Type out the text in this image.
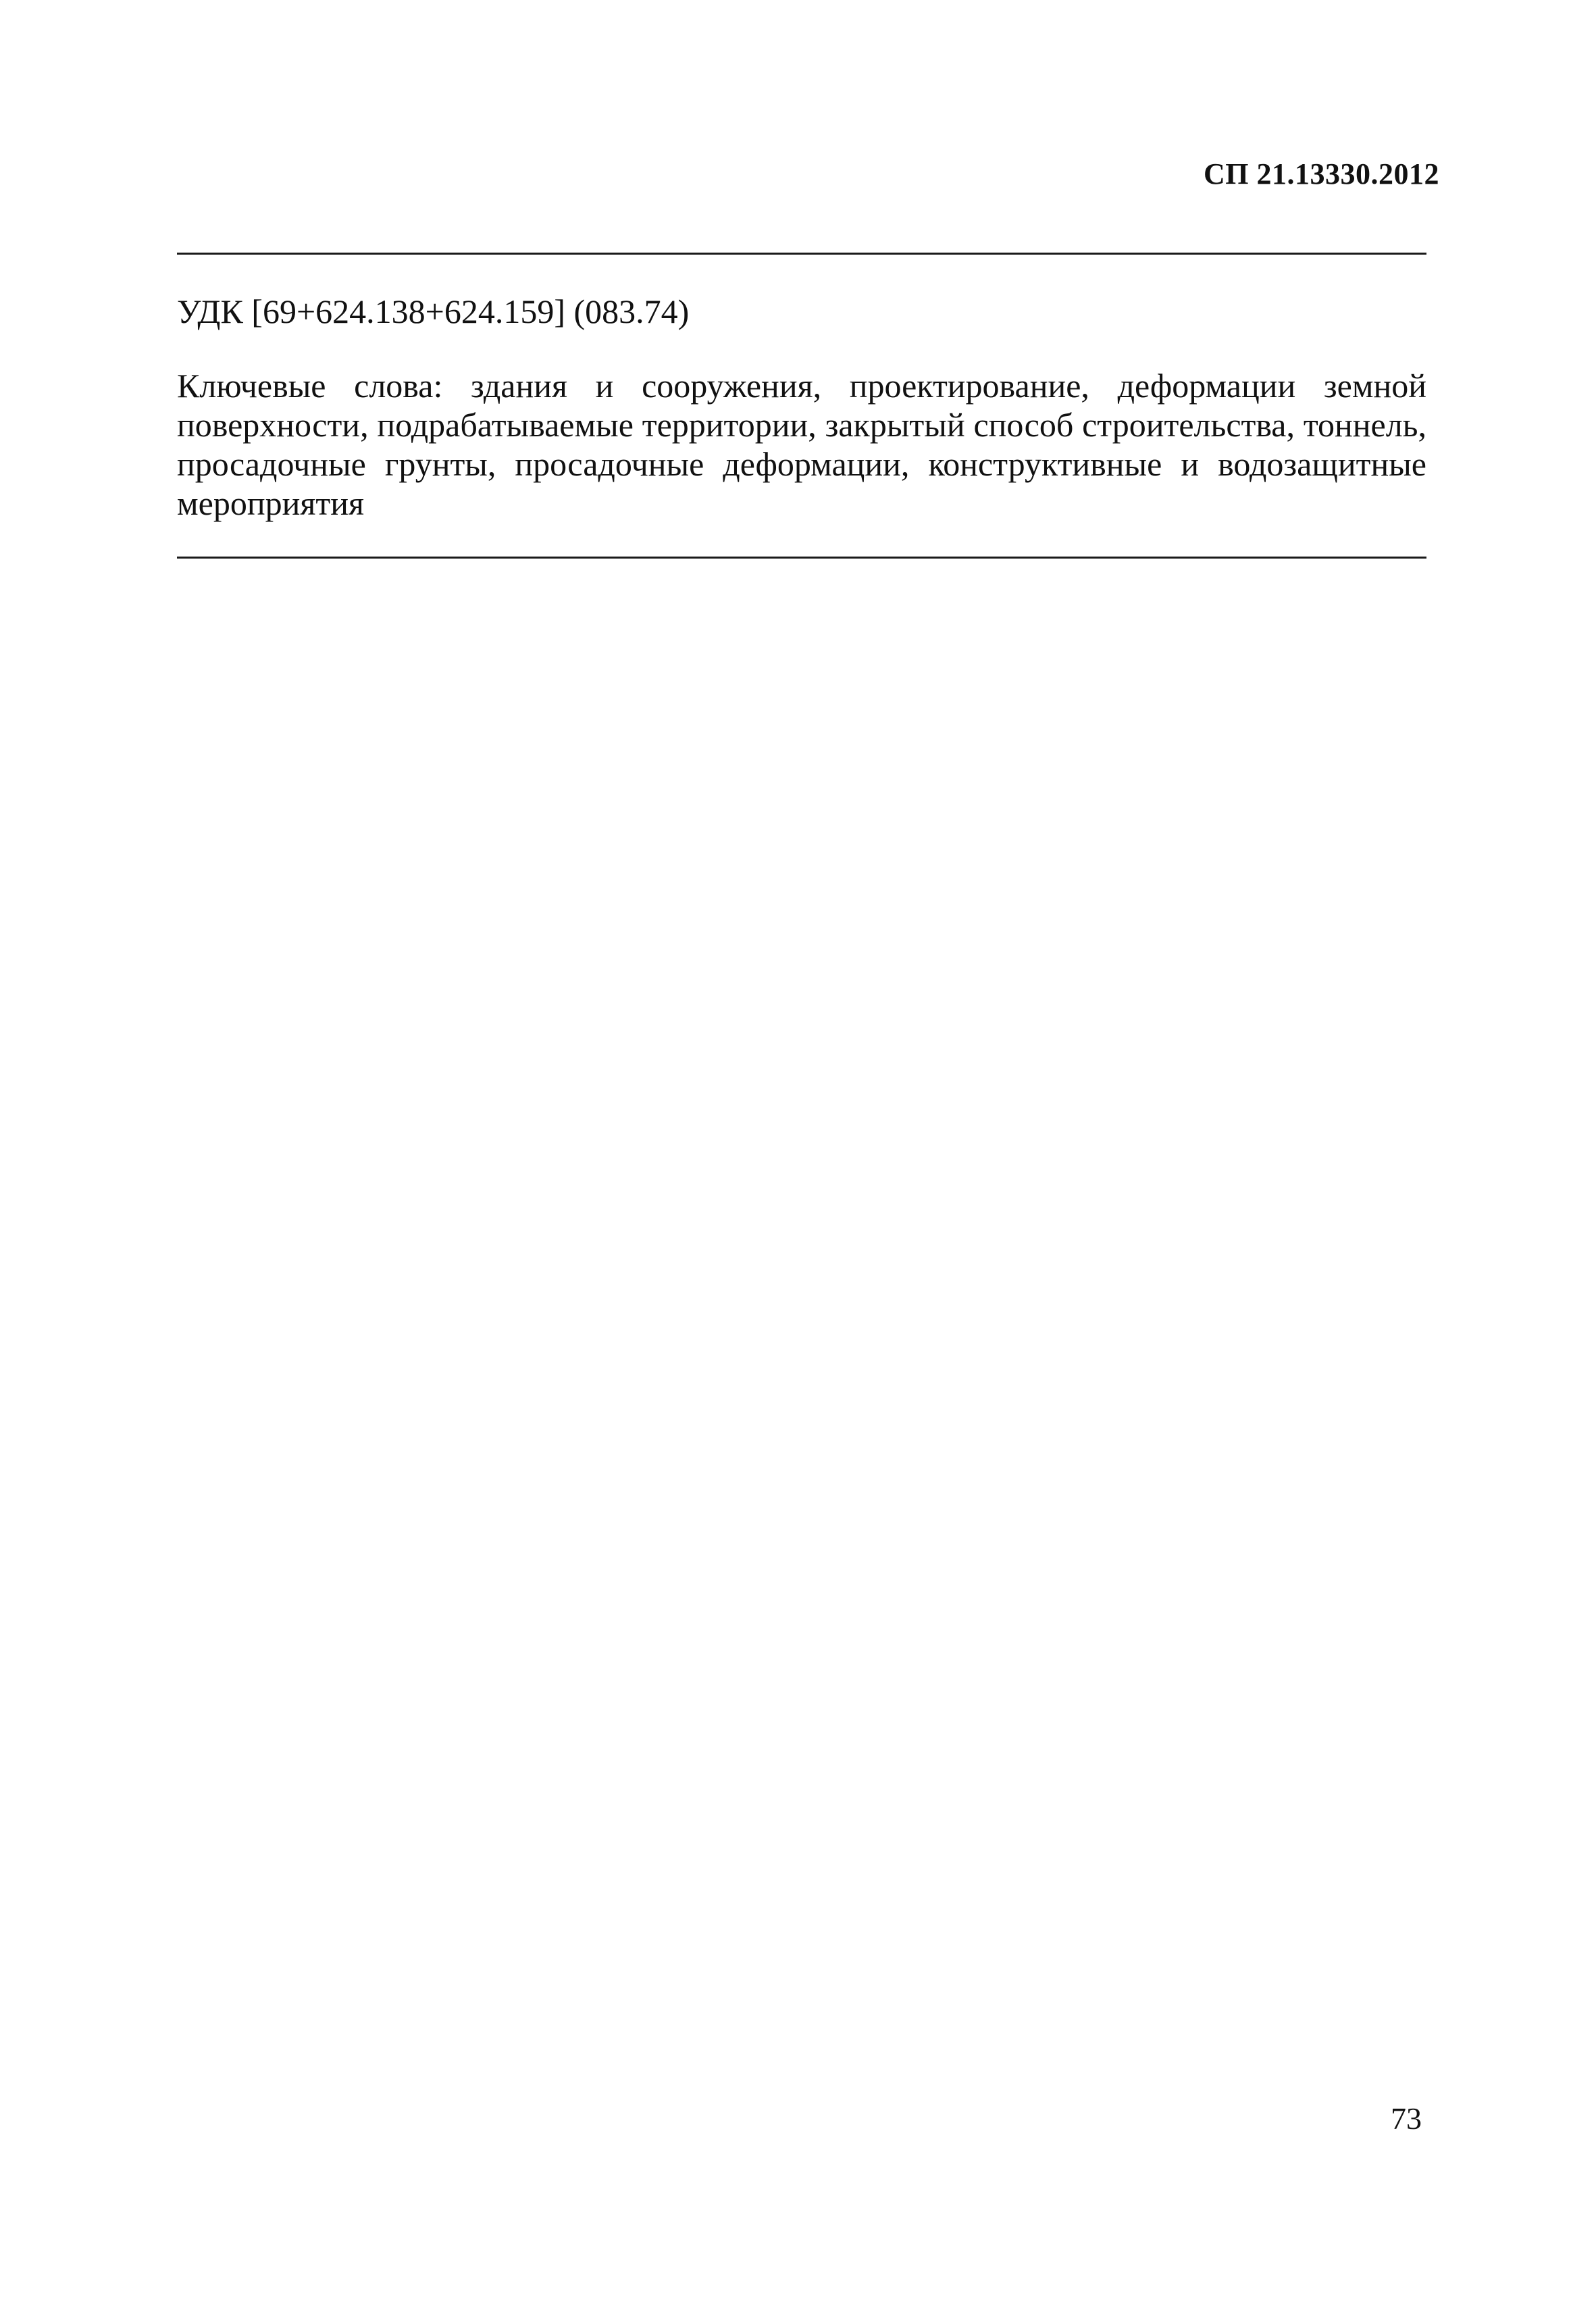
СП 21.13330.2012
УДК [69+624.138+624.159] (083.74)
Ключевые слова: здания и сооружения, проектирование, деформации земной поверхности, подрабатываемые территории, закрытый способ строительства, тоннель, просадочные грунты, просадочные деформации, конструктивные и водозащитные мероприятия
73
